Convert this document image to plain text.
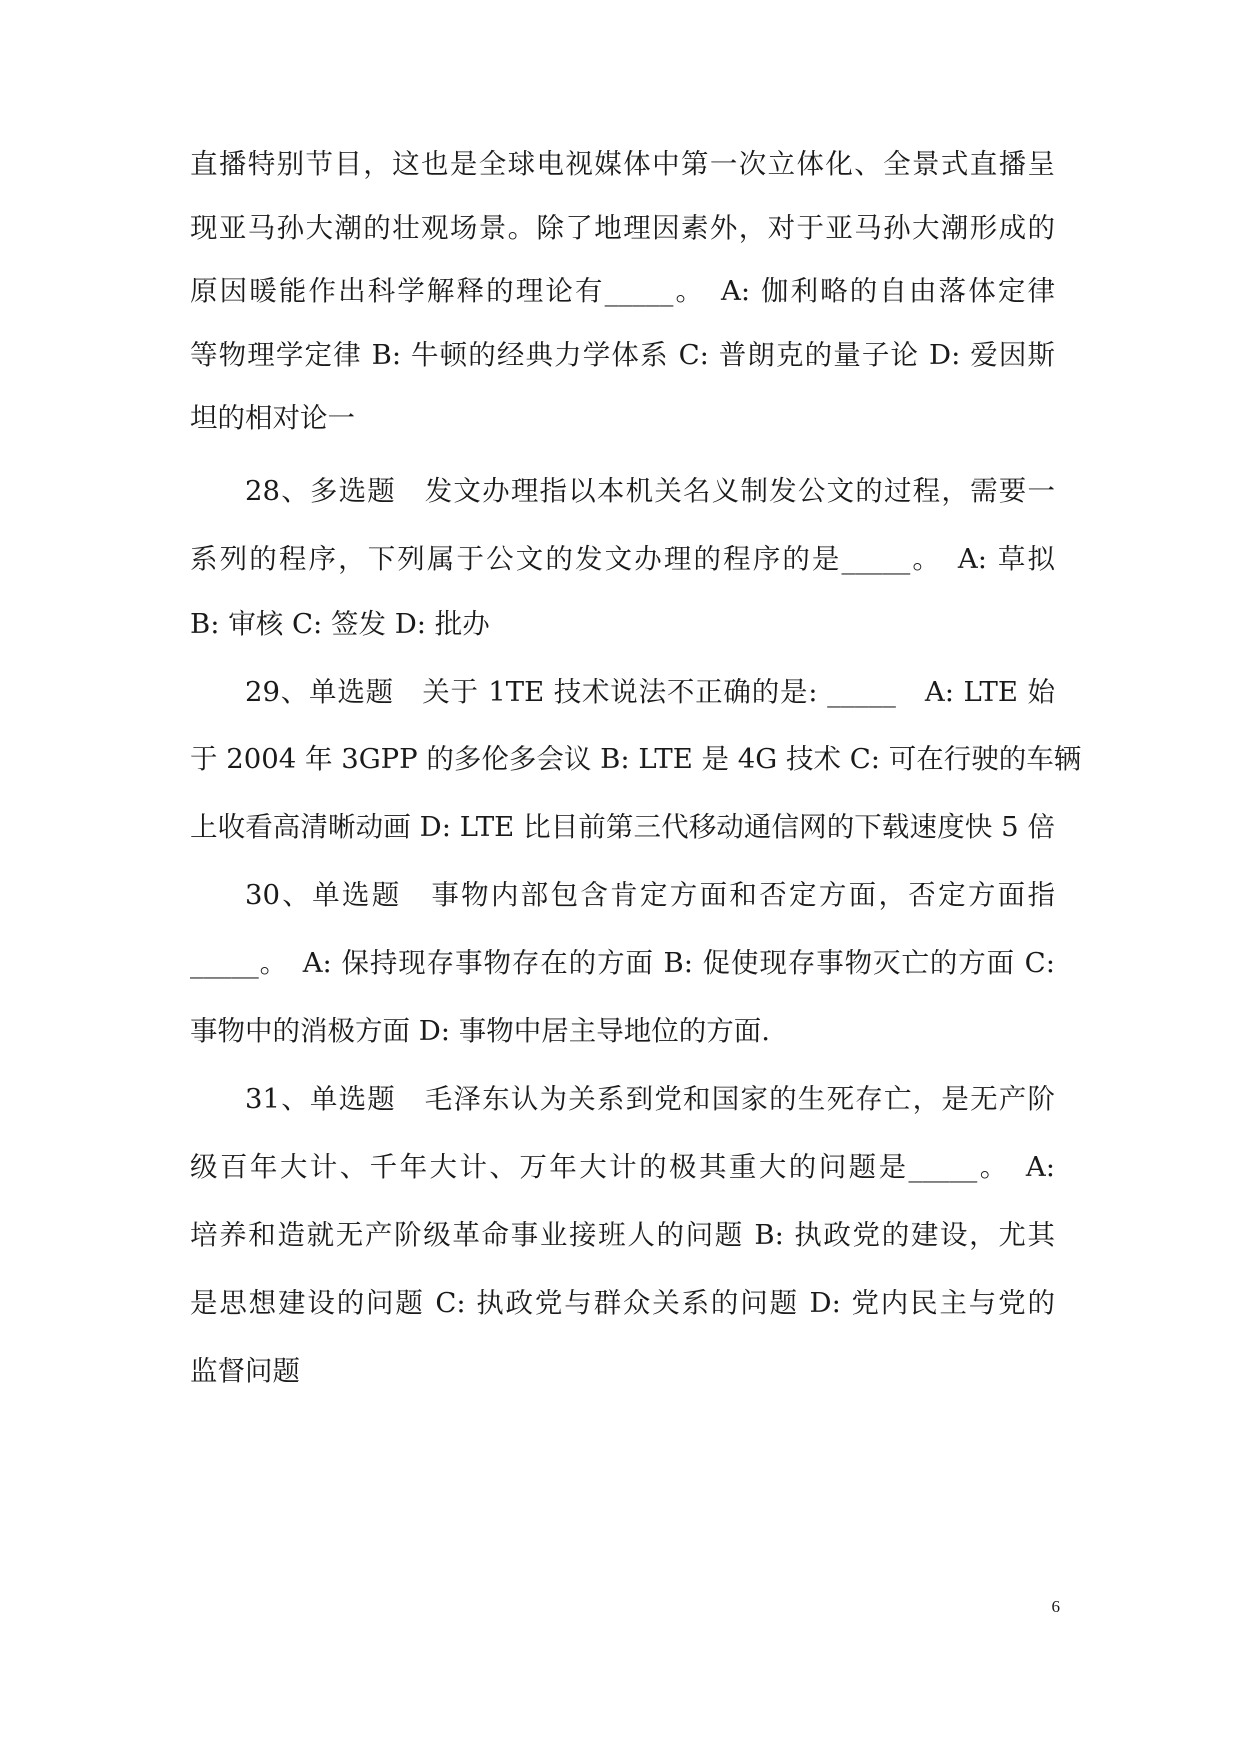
直播特别节目，这也是全球电视媒体中第一次立体化、全景式直播呈
现亚马孙大潮的壮观场景。除了地理因素外，对于亚马孙大潮形成的
原因暖能作出科学解释的理论有_____。　A: 伽利略的自由落体定律
等物理学定律 B: 牛顿的经典力学体系 C: 普朗克的量子论 D: 爱因斯
坦的相对论一
28、多选题　发文办理指以本机关名义制发公文的过程，需要一
系列的程序，下列属于公文的发文办理的程序的是_____。　A: 草拟
B: 审核 C: 签发 D: 批办
29、单选题　关于 1TE 技术说法不正确的是: _____　A: LTE 始
于 2004 年 3GPP 的多伦多会议 B: LTE 是 4G 技术 C: 可在行驶的车辆
上收看高清晰动画 D: LTE 比目前第三代移动通信网的下载速度快 5 倍
30、单选题　事物内部包含肯定方面和否定方面，否定方面指
_____。　A: 保持现存事物存在的方面 B: 促使现存事物灭亡的方面 C:
事物中的消极方面 D: 事物中居主导地位的方面.
31、单选题　毛泽东认为关系到党和国家的生死存亡，是无产阶
级百年大计、千年大计、万年大计的极其重大的问题是_____。　A:
培养和造就无产阶级革命事业接班人的问题 B: 执政党的建设，尤其
是思想建设的问题 C: 执政党与群众关系的问题 D: 党内民主与党的
监督问题
6
